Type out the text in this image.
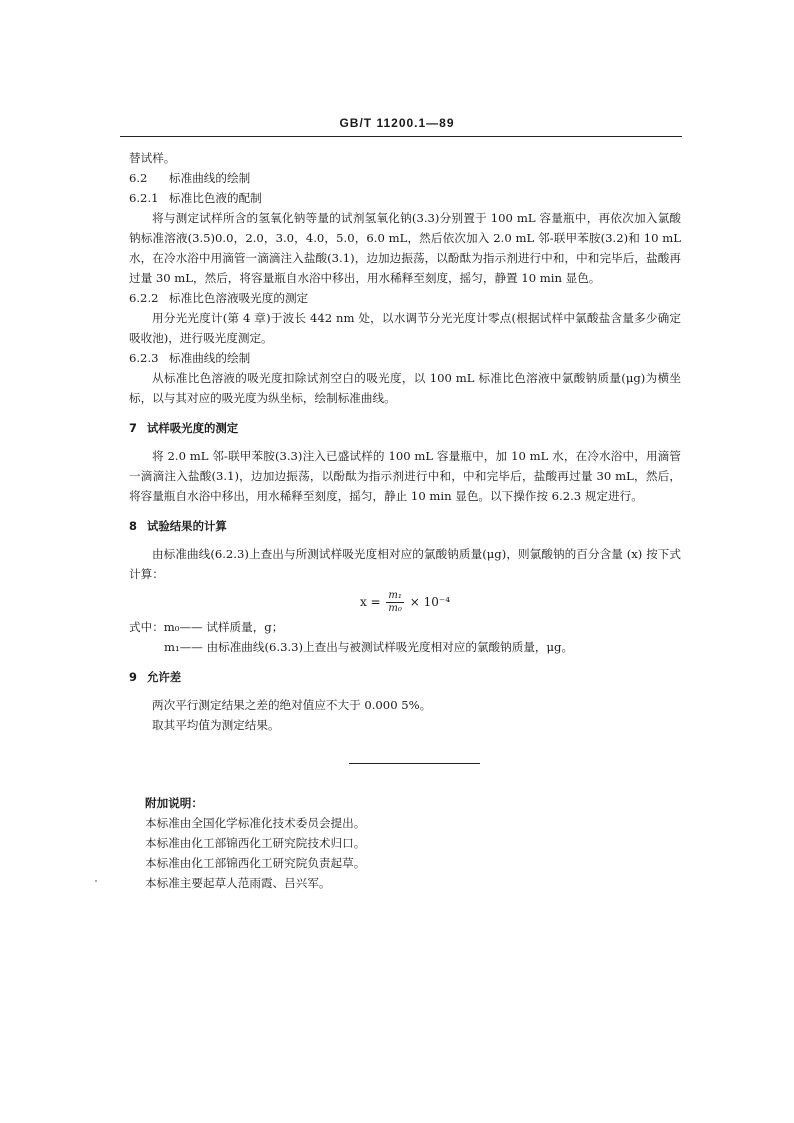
GB/T 11200.1—89

替试样。

6.2 标准曲线的绘制

6.2.1 标准比色液的配制

将与测定试样所含的氢氧化钠等量的试剂氢氧化钠(3.3)分别置于 100 mL 容量瓶中，再依次加入氯酸钠标准溶液(3.5)0.0，2.0，3.0，4.0，5.0，6.0 mL，然后依次加入 2.0 mL 邻-联甲苯胺(3.2)和 10 mL 水，在冷水浴中用滴管一滴滴注入盐酸(3.1)，边加边振荡，以酚酞为指示剂进行中和，中和完毕后，盐酸再过量 30 mL，然后，将容量瓶自水浴中移出，用水稀释至刻度，摇匀，静置 10 min 显色。

6.2.2 标准比色溶液吸光度的测定

用分光光度计(第 4 章)于波长 442 nm 处，以水调节分光光度计零点(根据试样中氯酸盐含量多少确定吸收池)，进行吸光度测定。

6.2.3 标准曲线的绘制

从标准比色溶液的吸光度扣除试剂空白的吸光度，以 100 mL 标准比色溶液中氯酸钠质量(μg)为横坐标，以与其对应的吸光度为纵坐标，绘制标准曲线。

7 试样吸光度的测定

将 2.0 mL 邻-联甲苯胺(3.3)注入已盛试样的 100 mL 容量瓶中，加 10 mL 水，在冷水浴中，用滴管一滴滴注入盐酸(3.1)，边加边振荡，以酚酞为指示剂进行中和，中和完毕后，盐酸再过量 30 mL，然后，将容量瓶自水浴中移出，用水稀释至刻度，摇匀，静止 10 min 显色。以下操作按 6.2.3 规定进行。

8 试验结果的计算

由标准曲线(6.2.3)上查出与所测试样吸光度相对应的氯酸钠质量(μg)，则氯酸钠的百分含量 (x) 按下式计算：

$x = \frac{\text{m₁}}{\text{m₀}} \times 10^{-4}$
式中： m₀ —— 试样质量，g；
m₁ —— 由标准曲线(6.3.3)上查出与被测试样吸光度相对应的氯酸钠质量，μg。

9 允许差

两次平行测定结果之差的绝对值应不大于 0.000 5%。

取其平均值为测定结果。

附加说明：
本标准由全国化学标准化技术委员会提出。
本标准由化工部锦西化工研究院技术归口。
本标准由化工部锦西化工研究院负责起草。
本标准主要起草人范雨霞、吕兴军。
